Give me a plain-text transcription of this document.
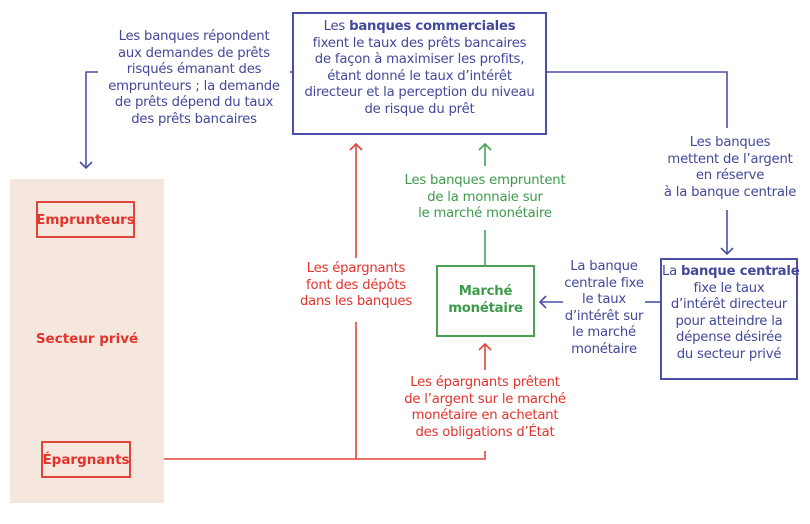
Emprunteurs
Secteur privé
Épargnants
Les banques commerciales
fixent le taux des prêts bancaires
de façon à maximiser les profits,
étant donné le taux d’intérêt
directeur et la perception du niveau
de risque du prêt
Les banques répondent
aux demandes de prêts
risqués émanant des
emprunteurs ; la demande
de prêts dépend du taux
des prêts bancaires
Les banques
mettent de l’argent
en réserve
à la banque centrale
La banque centrale
fixe le taux
d’intérêt directeur
pour atteindre la
dépense désirée
du secteur privé
La banque
centrale fixe
le taux
d’intérêt sur
le marché
monétaire
Les banques empruntent
de la monnaie sur
le marché monétaire
Marché
monétaire
Les épargnants
font des dépôts
dans les banques
Les épargnants prêtent
de l’argent sur le marché
monétaire en achetant
des obligations d’État
